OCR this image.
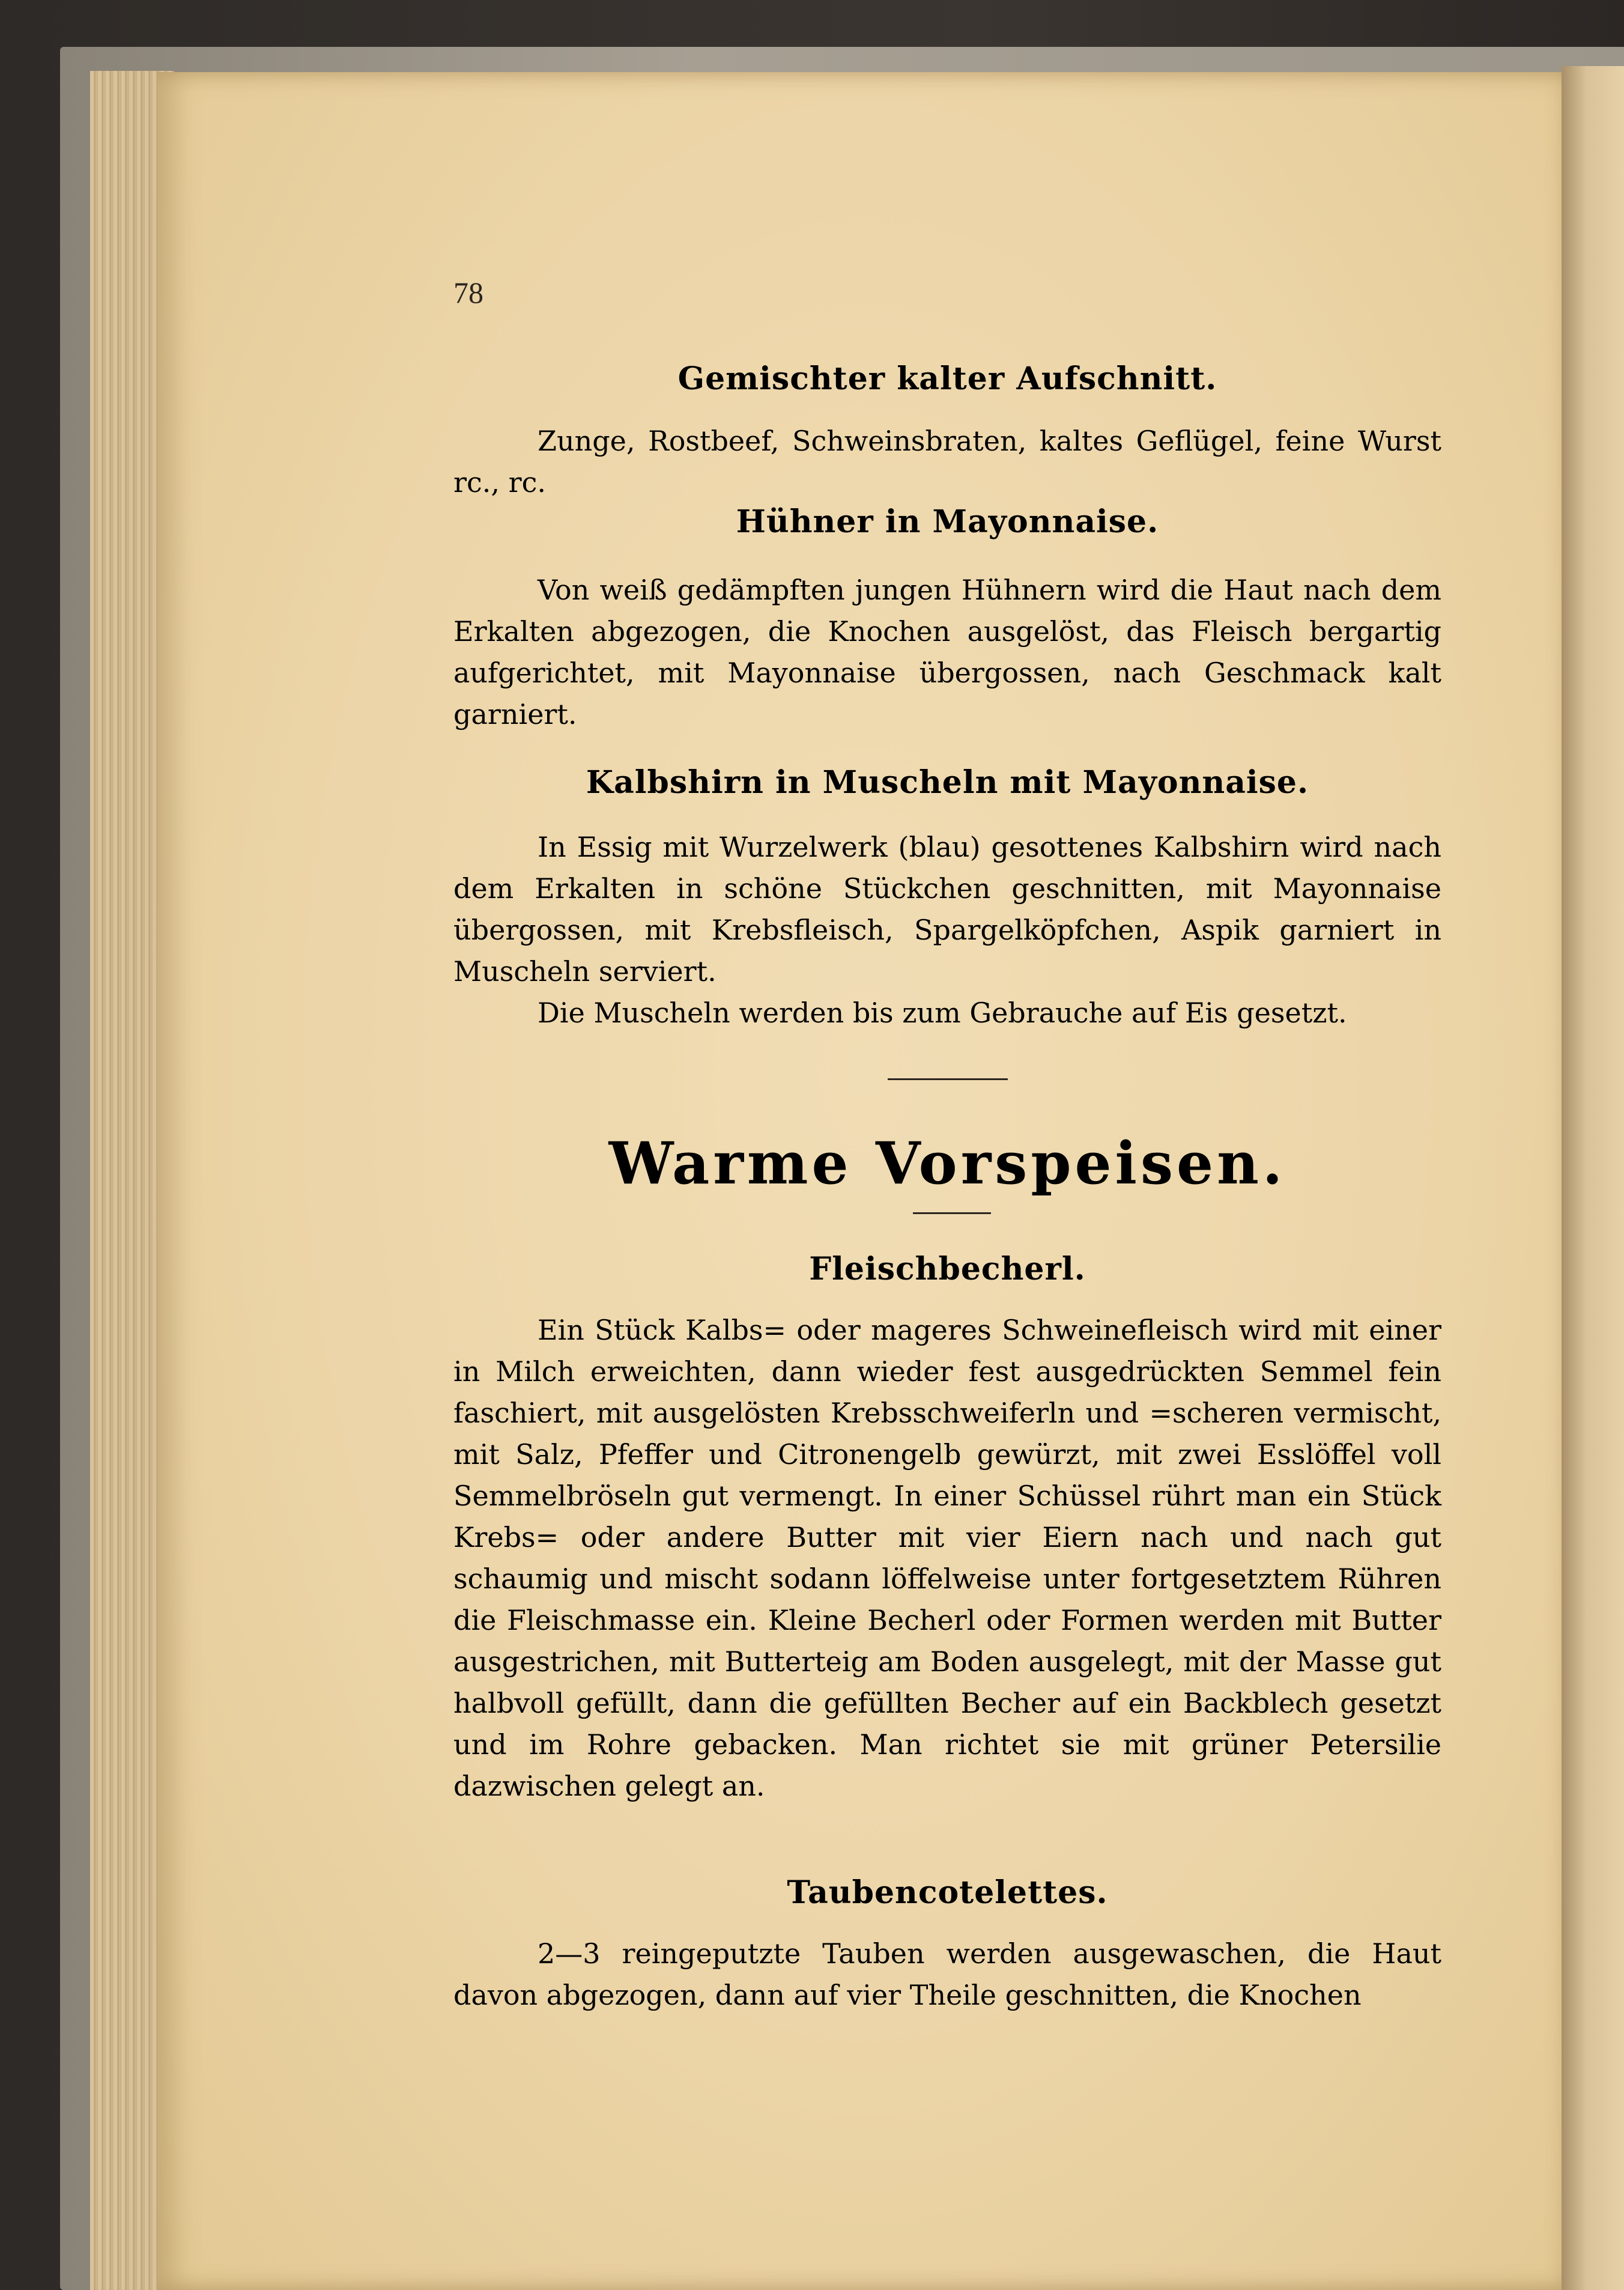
78

Gemischter kalter Aufschnitt.

Zunge, Rostbeef, Schweinsbraten, kaltes Geflügel, feine Wurst rc., rc.

Hühner in Mayonnaise.

Von weiß gedämpften jungen Hühnern wird die Haut nach dem Erkalten abgezogen, die Knochen ausgelöst, das Fleisch bergartig aufgerichtet, mit Mayonnaise übergossen, nach Geschmack kalt garniert.

Kalbshirn in Muscheln mit Mayonnaise.

In Essig mit Wurzelwerk (blau) gesottenes Kalbshirn wird nach dem Erkalten in schöne Stückchen geschnitten, mit Mayonnaise übergossen, mit Krebsfleisch, Spargelköpfchen, Aspik garniert in Muscheln serviert.

Die Muscheln werden bis zum Gebrauche auf Eis gesetzt.

Warme Vorspeisen.

Fleischbecherl.

Ein Stück Kalbs= oder mageres Schweinefleisch wird mit einer in Milch erweichten, dann wieder fest ausgedrückten Semmel fein faschiert, mit ausgelösten Krebsschweiferln und =scheren vermischt, mit Salz, Pfeffer und Citronengelb gewürzt, mit zwei Esslöffel voll Semmelbröseln gut vermengt. In einer Schüssel rührt man ein Stück Krebs= oder andere Butter mit vier Eiern nach und nach gut schaumig und mischt sodann löffelweise unter fortgesetztem Rühren die Fleischmasse ein. Kleine Becherl oder Formen werden mit Butter ausgestrichen, mit Butterteig am Boden ausgelegt, mit der Masse gut halbvoll gefüllt, dann die gefüllten Becher auf ein Backblech gesetzt und im Rohre gebacken. Man richtet sie mit grüner Petersilie dazwischen gelegt an.

Taubencotelettes.

2—3 reingeputzte Tauben werden ausgewaschen, die Haut davon abgezogen, dann auf vier Theile geschnitten, die Knochen
